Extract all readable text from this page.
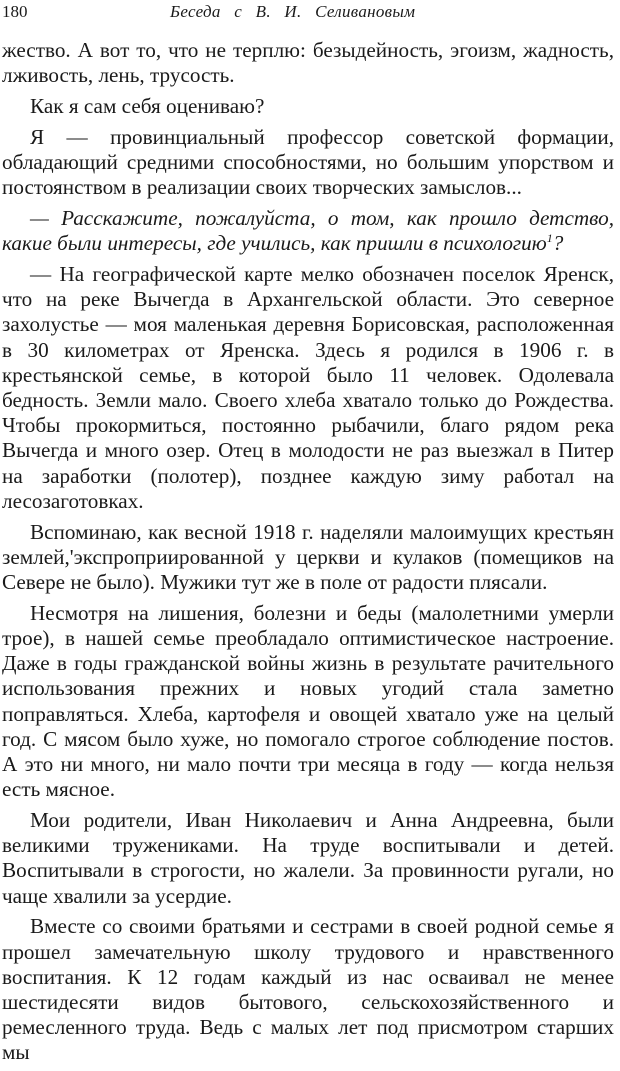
180	Беседа с В. И. Селивановым

жество. А вот то, что не терплю: безыдейность, эгоизм, жадность, лживость, лень, трусость.

Как я сам себя оцениваю?

Я — провинциальный профессор советской формации, обладающий средними способностями, но большим упорством и постоянством в реализации своих творческих замыслов...

— Расскажите, пожалуйста, о том, как прошло детство, какие были интересы, где учились, как пришли в психологию$^1$?

— На географической карте мелко обозначен поселок Яренск, что на реке Вычегда в Архангельской области. Это северное захолустье — моя маленькая деревня Борисовская, расположенная в 30 километрах от Яренска. Здесь я родился в 1906 г. в крестьянской семье, в которой было 11 человек. Одолевала бедность. Земли мало. Своего хлеба хватало только до Рождества. Чтобы прокормиться, постоянно рыбачили, благо рядом река Вычегда и много озер. Отец в молодости не раз выезжал в Питер на заработки (полотер), позднее каждую зиму работал на лесозаготовках.

Вспоминаю, как весной 1918 г. наделяли малоимущих крестьян землей,'экспроприированной у церкви и кулаков (помещиков на Севере не было). Мужики тут же в поле от радости плясали.

Несмотря на лишения, болезни и беды (малолетними умерли трое), в нашей семье преобладало оптимистическое настроение. Даже в годы гражданской войны жизнь в результате рачительного использования прежних и новых угодий стала заметно поправляться. Хлеба, картофеля и овощей хватало уже на целый год. С мясом было хуже, но помогало строгое соблюдение постов. А это ни много, ни мало почти три месяца в году — когда нельзя есть мясное.

Мои родители, Иван Николаевич и Анна Андреевна, были великими тружениками. На труде воспитывали и детей. Воспитывали в строгости, но жалели. За провинности ругали, но чаще хвалили за усердие.

Вместе со своими братьями и сестрами в своей родной семье я прошел замечательную школу трудового и нравственного воспитания. К 12 годам каждый из нас осваивал не менее шестидесяти видов бытового, сельскохозяйственного и ремесленного труда. Ведь с малых лет под присмотром старших мы
